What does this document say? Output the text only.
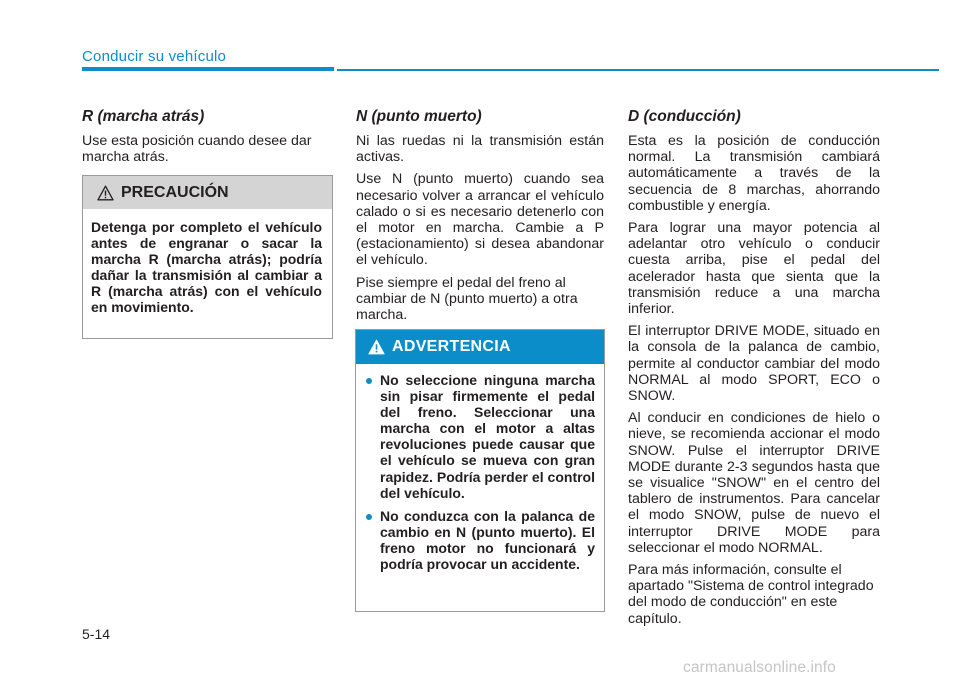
Conducir su vehículo
R (marcha atrás)

Use esta posición cuando desee dar marcha atrás.

PRECAUCIÓN
Detenga por completo el vehículo antes de engranar o sacar la marcha R (marcha atrás); podría dañar la transmisión al cambiar a R (marcha atrás) con el vehículo en movimiento.
N (punto muerto)

Ni las ruedas ni la transmisión están activas.

Use N (punto muerto) cuando sea necesario volver a arrancar el vehículo calado o si es necesario detenerlo con el motor en marcha. Cambie a P (estacionamiento) si desea abandonar el vehículo.

Pise siempre el pedal del freno al cambiar de N (punto muerto) a otra marcha.

ADVERTENCIA
No seleccione ninguna marcha sin pisar firmemente el pedal del freno. Seleccionar una marcha con el motor a altas revoluciones puede causar que el vehículo se mueva con gran rapidez. Podría perder el control del vehículo.
No conduzca con la palanca de cambio en N (punto muerto). El freno motor no funcionará y podría provocar un accidente.
D (conducción)

Esta es la posición de conducción normal. La transmisión cambiará automáticamente a través de la secuencia de 8 marchas, ahorrando combustible y energía.

Para lograr una mayor potencia al adelantar otro vehículo o conducir cuesta arriba, pise el pedal del acelerador hasta que sienta que la transmisión reduce a una marcha inferior.

El interruptor DRIVE MODE, situado en la consola de la palanca de cambio, permite al conductor cambiar del modo NORMAL al modo SPORT, ECO o SNOW.

Al conducir en condiciones de hielo o nieve, se recomienda accionar el modo SNOW. Pulse el interruptor DRIVE MODE durante 2-3 segundos hasta que se visualice "SNOW" en el centro del tablero de instrumentos. Para cancelar el modo SNOW, pulse de nuevo el interruptor DRIVE MODE para seleccionar el modo NORMAL.

Para más información, consulte el apartado "Sistema de control integrado del modo de conducción" en este capítulo.

5-14
carmanualsonline.info
